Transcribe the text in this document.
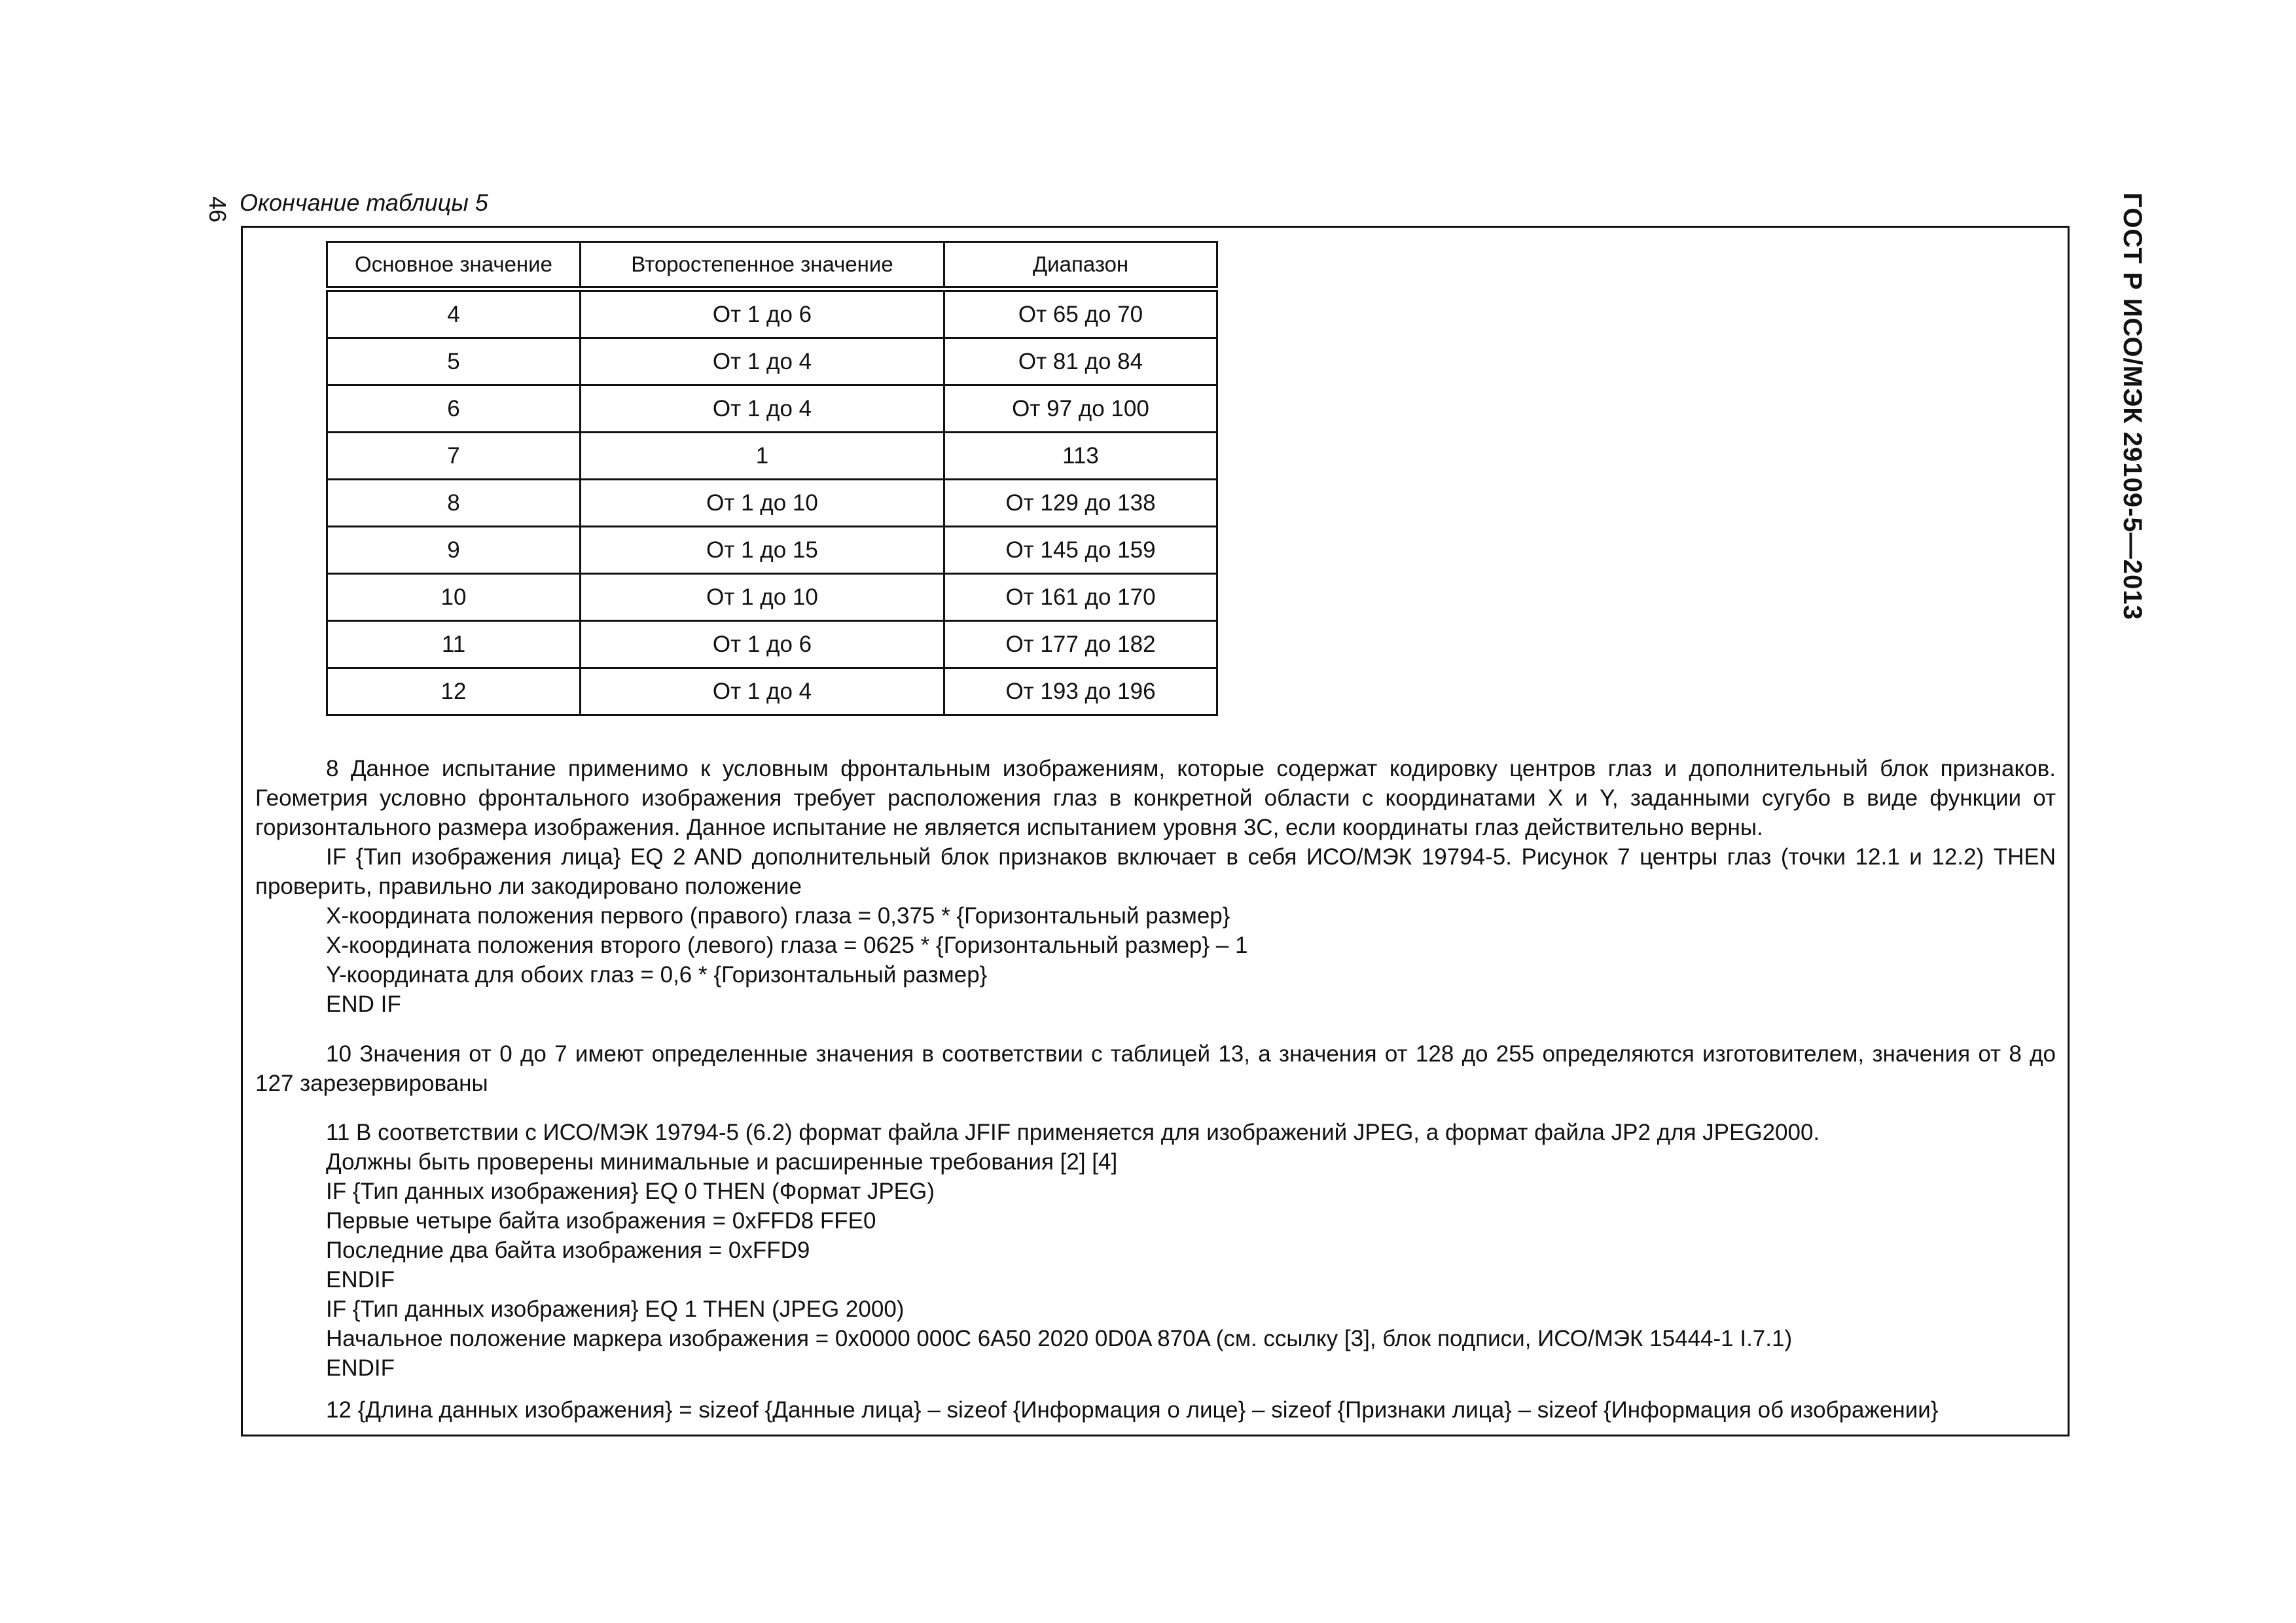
46 Окончание таблицы 5	ГОСТ Р ИСО/МЭК 29109-5—2013
Основное значение	Второстепенное значение	Диапазон
4	От 1 до 6	От 65 до 70
5	От 1 до 4	От 81 до 84
6	От 1 до 4	От 97 до 100
7	1	113
8	От 1 до 10	От 129 до 138
9	От 1 до 15	От 145 до 159
10	От 1 до 10	От 161 до 170
11	От 1 до 6	От 177 до 182
12	От 1 до 4	От 193 до 196

8 Данное испытание применимо к условным фронтальным изображениям, которые содержат кодировку центров глаз и дополнительный блок признаков. Геометрия условно фронтального изображения требует расположения глаз в конкретной области с координатами X и Y, заданными сугубо в виде функции от горизонтального размера изображения. Данное испытание не является испытанием уровня 3С, если координаты глаз действительно верны.

IF {Тип изображения лица} EQ 2 AND дополнительный блок признаков включает в себя ИСО/МЭК 19794-5. Рисунок 7 центры глаз (точки 12.1 и 12.2) THEN проверить, правильно ли закодировано положение

X-координата положения первого (правого) глаза = 0,375 * {Горизонтальный размер}

X-координата положения второго (левого) глаза = 0625 * {Горизонтальный размер} – 1

Y-координата для обоих глаз = 0,6 * {Горизонтальный размер}

END IF

10 Значения от 0 до 7 имеют определенные значения в соответствии с таблицей 13, а значения от 128 до 255 определяются изготовителем, значения от 8 до 127 зарезервированы

11 В соответствии с ИСО/МЭК 19794-5 (6.2) формат файла JFIF применяется для изображений JPEG, а формат файла JP2 для JPEG2000.

Должны быть проверены минимальные и расширенные требования [2] [4]

IF {Тип данных изображения} EQ 0 THEN (Формат JPEG)

Первые четыре байта изображения = 0xFFD8 FFE0

Последние два байта изображения = 0xFFD9

ENDIF

IF {Тип данных изображения} EQ 1 THEN (JPEG 2000)

Начальное положение маркера изображения = 0x0000 000C 6A50 2020 0D0A 870A (см. ссылку [3], блок подписи, ИСО/МЭК 15444-1 I.7.1)

ENDIF

12 {Длина данных изображения} = sizeof {Данные лица} – sizeof {Информация о лице} – sizeof {Признаки лица} – sizeof {Информация об изображении}
